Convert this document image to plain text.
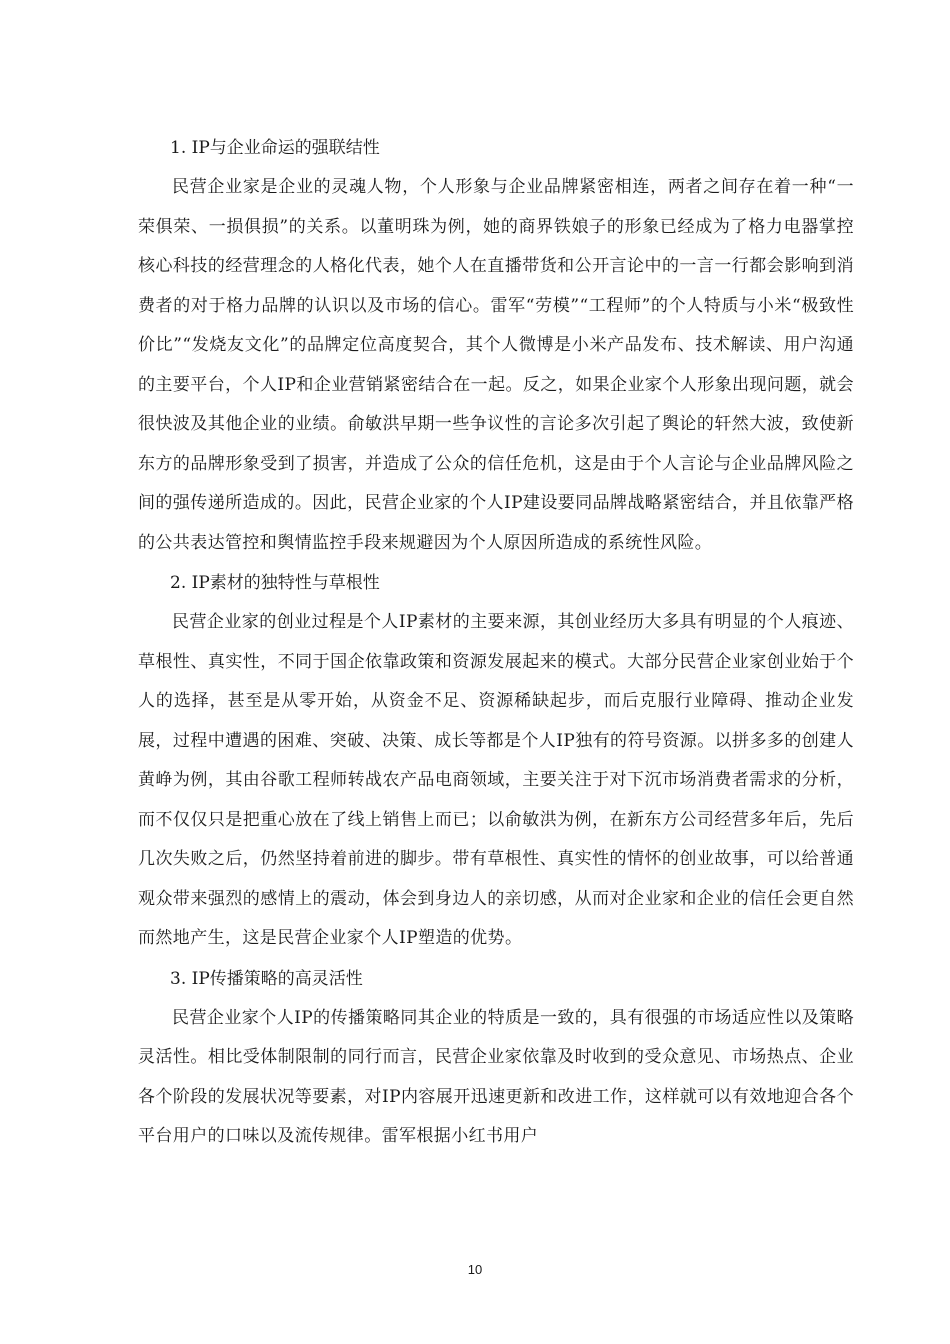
1. IP与企业命运的强联结性

民营企业家是企业的灵魂人物，个人形象与企业品牌紧密相连，两者之间存在着一种“一荣俱荣、一损俱损”的关系。以董明珠为例，她的商界铁娘子的形象已经成为了格力电器掌控核心科技的经营理念的人格化代表，她个人在直播带货和公开言论中的一言一行都会影响到消费者的对于格力品牌的认识以及市场的信心。雷军“劳模”“工程师”的个人特质与小米“极致性价比”“发烧友文化”的品牌定位高度契合，其个人微博是小米产品发布、技术解读、用户沟通的主要平台，个人IP和企业营销紧密结合在一起。反之，如果企业家个人形象出现问题，就会很快波及其他企业的业绩。俞敏洪早期一些争议性的言论多次引起了舆论的轩然大波，致使新东方的品牌形象受到了损害，并造成了公众的信任危机，这是由于个人言论与企业品牌风险之间的强传递所造成的。因此，民营企业家的个人IP建设要同品牌战略紧密结合，并且依靠严格的公共表达管控和舆情监控手段来规避因为个人原因所造成的系统性风险。

2. IP素材的独特性与草根性

民营企业家的创业过程是个人IP素材的主要来源，其创业经历大多具有明显的个人痕迹、草根性、真实性，不同于国企依靠政策和资源发展起来的模式。大部分民营企业家创业始于个人的选择，甚至是从零开始，从资金不足、资源稀缺起步，而后克服行业障碍、推动企业发展，过程中遭遇的困难、突破、决策、成长等都是个人IP独有的符号资源。以拼多多的创建人黄峥为例，其由谷歌工程师转战农产品电商领域，主要关注于对下沉市场消费者需求的分析，而不仅仅只是把重心放在了线上销售上而已；以俞敏洪为例，在新东方公司经营多年后，先后几次失败之后，仍然坚持着前进的脚步。带有草根性、真实性的情怀的创业故事，可以给普通观众带来强烈的感情上的震动，体会到身边人的亲切感，从而对企业家和企业的信任会更自然而然地产生，这是民营企业家个人IP塑造的优势。

3. IP传播策略的高灵活性

民营企业家个人IP的传播策略同其企业的特质是一致的，具有很强的市场适应性以及策略灵活性。相比受体制限制的同行而言，民营企业家依靠及时收到的受众意见、市场热点、企业各个阶段的发展状况等要素，对IP内容展开迅速更新和改进工作，这样就可以有效地迎合各个平台用户的口味以及流传规律。雷军根据小红书用户

10
